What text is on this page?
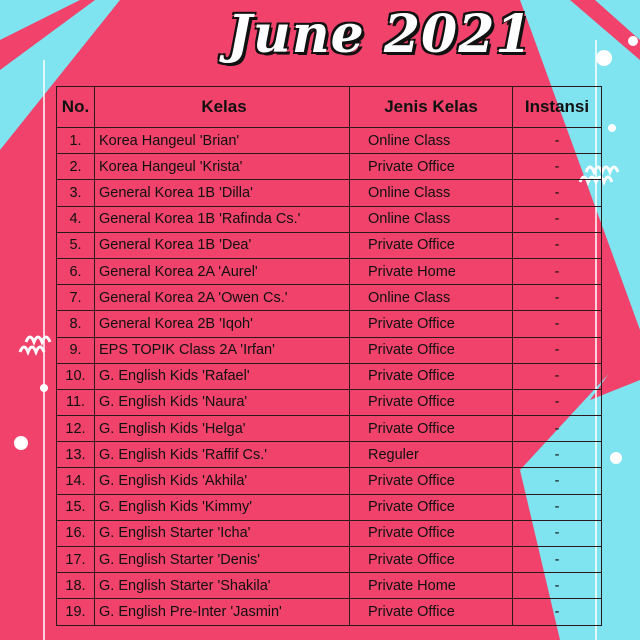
June 2021
No.	Kelas	Jenis Kelas	Instansi
1.	Korea Hangeul 'Brian'	Online Class	-
2.	Korea Hangeul 'Krista'	Private Office	-
3.	General Korea 1B 'Dilla'	Online Class	-
4.	General Korea 1B 'Rafinda Cs.'	Online Class	-
5.	General Korea 1B 'Dea'	Private Office	-
6.	General Korea 2A 'Aurel'	Private Home	-
7.	General Korea 2A 'Owen Cs.'	Online Class	-
8.	General Korea 2B 'Iqoh'	Private Office	-
9.	EPS TOPIK Class 2A 'Irfan'	Private Office	-
10.	G. English Kids 'Rafael'	Private Office	-
11.	G. English Kids 'Naura'	Private Office	-
12.	G. English Kids 'Helga'	Private Office	-
13.	G. English Kids 'Raffif Cs.'	Reguler	-
14.	G. English Kids 'Akhila'	Private Office	-
15.	G. English Kids 'Kimmy'	Private Office	-
16.	G. English Starter 'Icha'	Private Office	-
17.	G. English Starter 'Denis'	Private Office	-
18.	G. English Starter 'Shakila'	Private Home	-
19.	G. English Pre-Inter 'Jasmin'	Private Office	-
